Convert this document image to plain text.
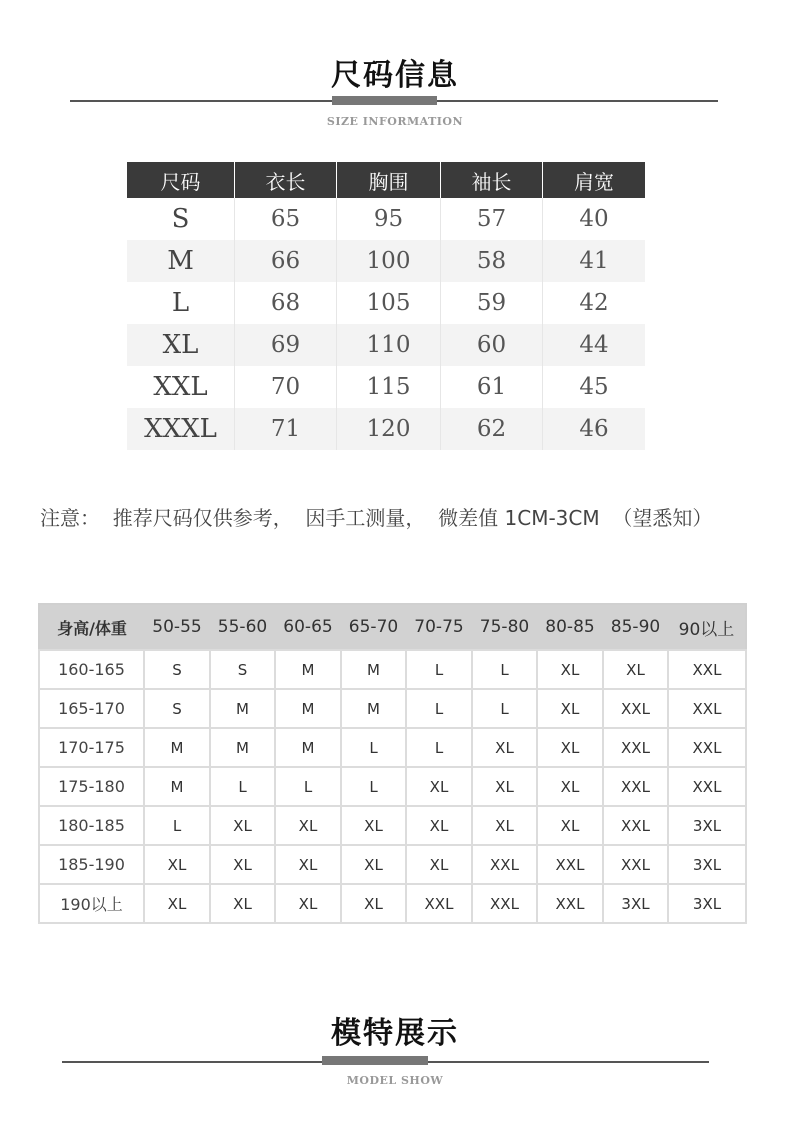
尺码信息
SIZE INFORMATION
尺码	衣长	胸围	袖长	肩宽
S	65	95	57	40
M	66	100	58	41
L	68	105	59	42
XL	69	110	60	44
XXL	70	115	61	45
XXXL	71	120	62	46
注意：  推荐尺码仅供参考，  因手工测量，  微差值 1CM-3CM  （望悉知）
身高/体重	50-55	55-60	60-65	65-70	70-75	75-80	80-85	85-90	90以上
160-165	S	S	M	M	L	L	XL	XL	XXL
165-170	S	M	M	M	L	L	XL	XXL	XXL
170-175	M	M	M	L	L	XL	XL	XXL	XXL
175-180	M	L	L	L	XL	XL	XL	XXL	XXL
180-185	L	XL	XL	XL	XL	XL	XL	XXL	3XL
185-190	XL	XL	XL	XL	XL	XXL	XXL	XXL	3XL
190以上	XL	XL	XL	XL	XXL	XXL	XXL	3XL	3XL
模特展示
MODEL SHOW
